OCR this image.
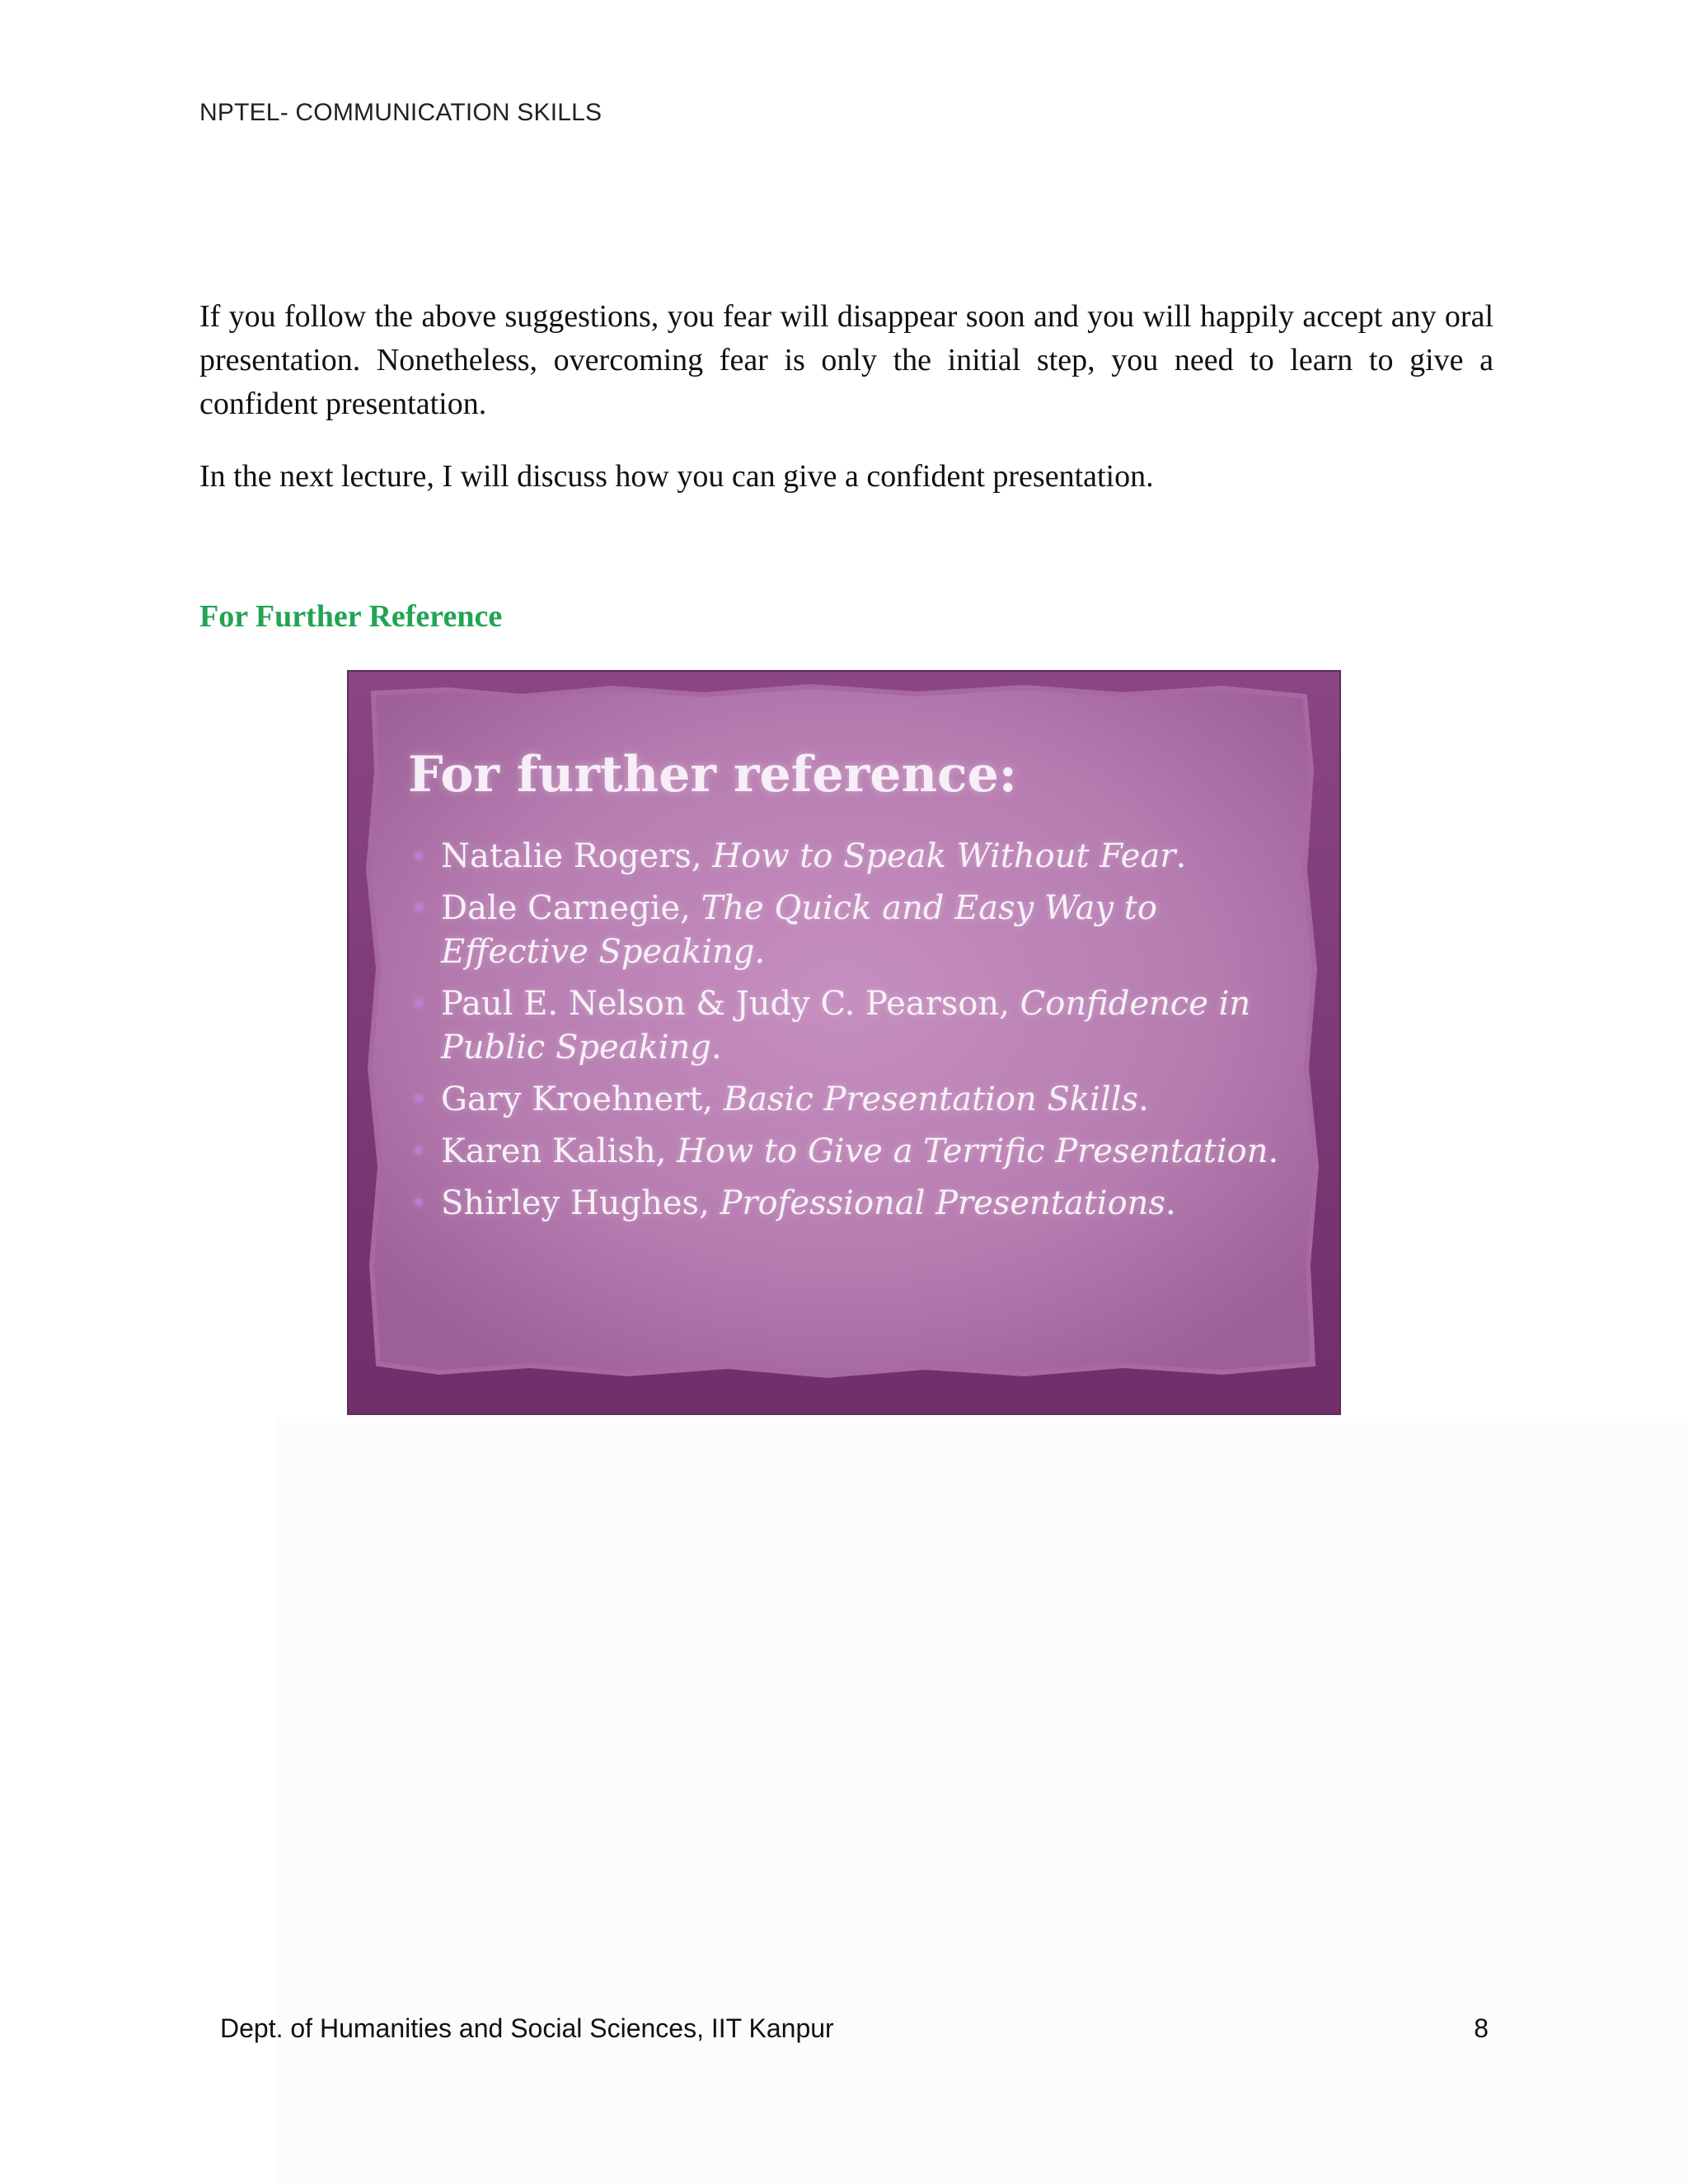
NPTEL- COMMUNICATION SKILLS

If you follow the above suggestions, you fear will disappear soon and you will happily accept any oral presentation. Nonetheless, overcoming fear is only the initial step, you need to learn to give a confident presentation.

In the next lecture, I will discuss how you can give a confident presentation.

For Further Reference
For further reference:
• Natalie Rogers, How to Speak Without Fear.
• Dale Carnegie, The Quick and Easy Way to Effective Speaking.
• Paul E. Nelson & Judy C. Pearson, Confidence in Public Speaking.
• Gary Kroehnert, Basic Presentation Skills.
• Karen Kalish, How to Give a Terrific Presentation.
• Shirley Hughes, Professional Presentations.
Dept. of Humanities and Social Sciences, IIT Kanpur	8
